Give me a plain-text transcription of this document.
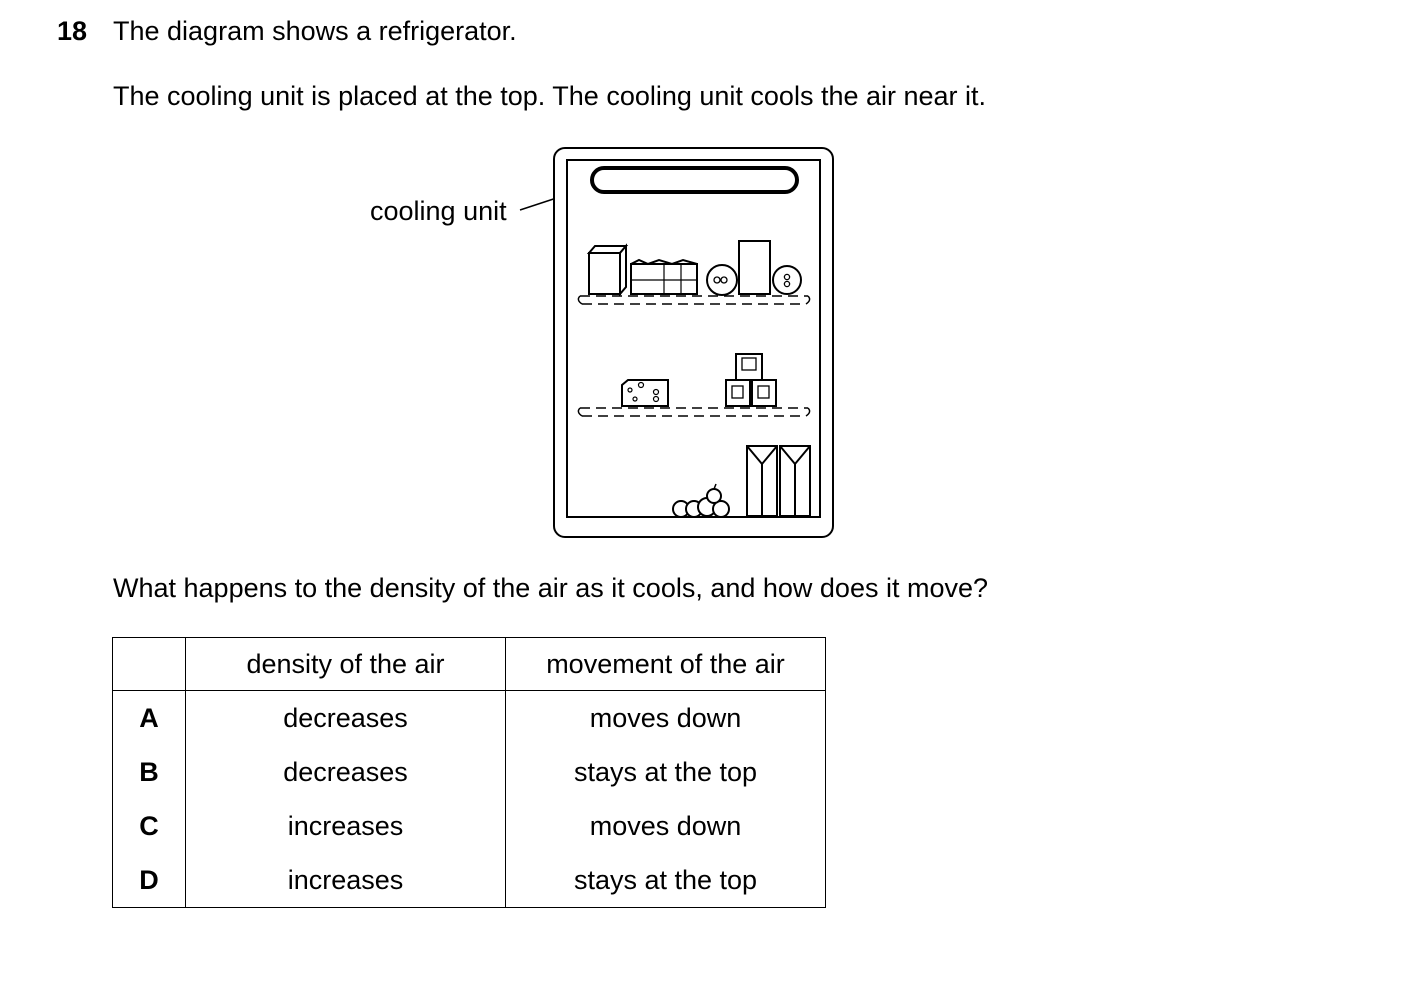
18 The diagram shows a refrigerator.
The cooling unit is placed at the top. The cooling unit cools the air near it.
cooling unit
What happens to the density of the air as it cools, and how does it move?
	density of the air	movement of the air
A	decreases	moves down
B	decreases	stays at the top
C	increases	moves down
D	increases	stays at the top
